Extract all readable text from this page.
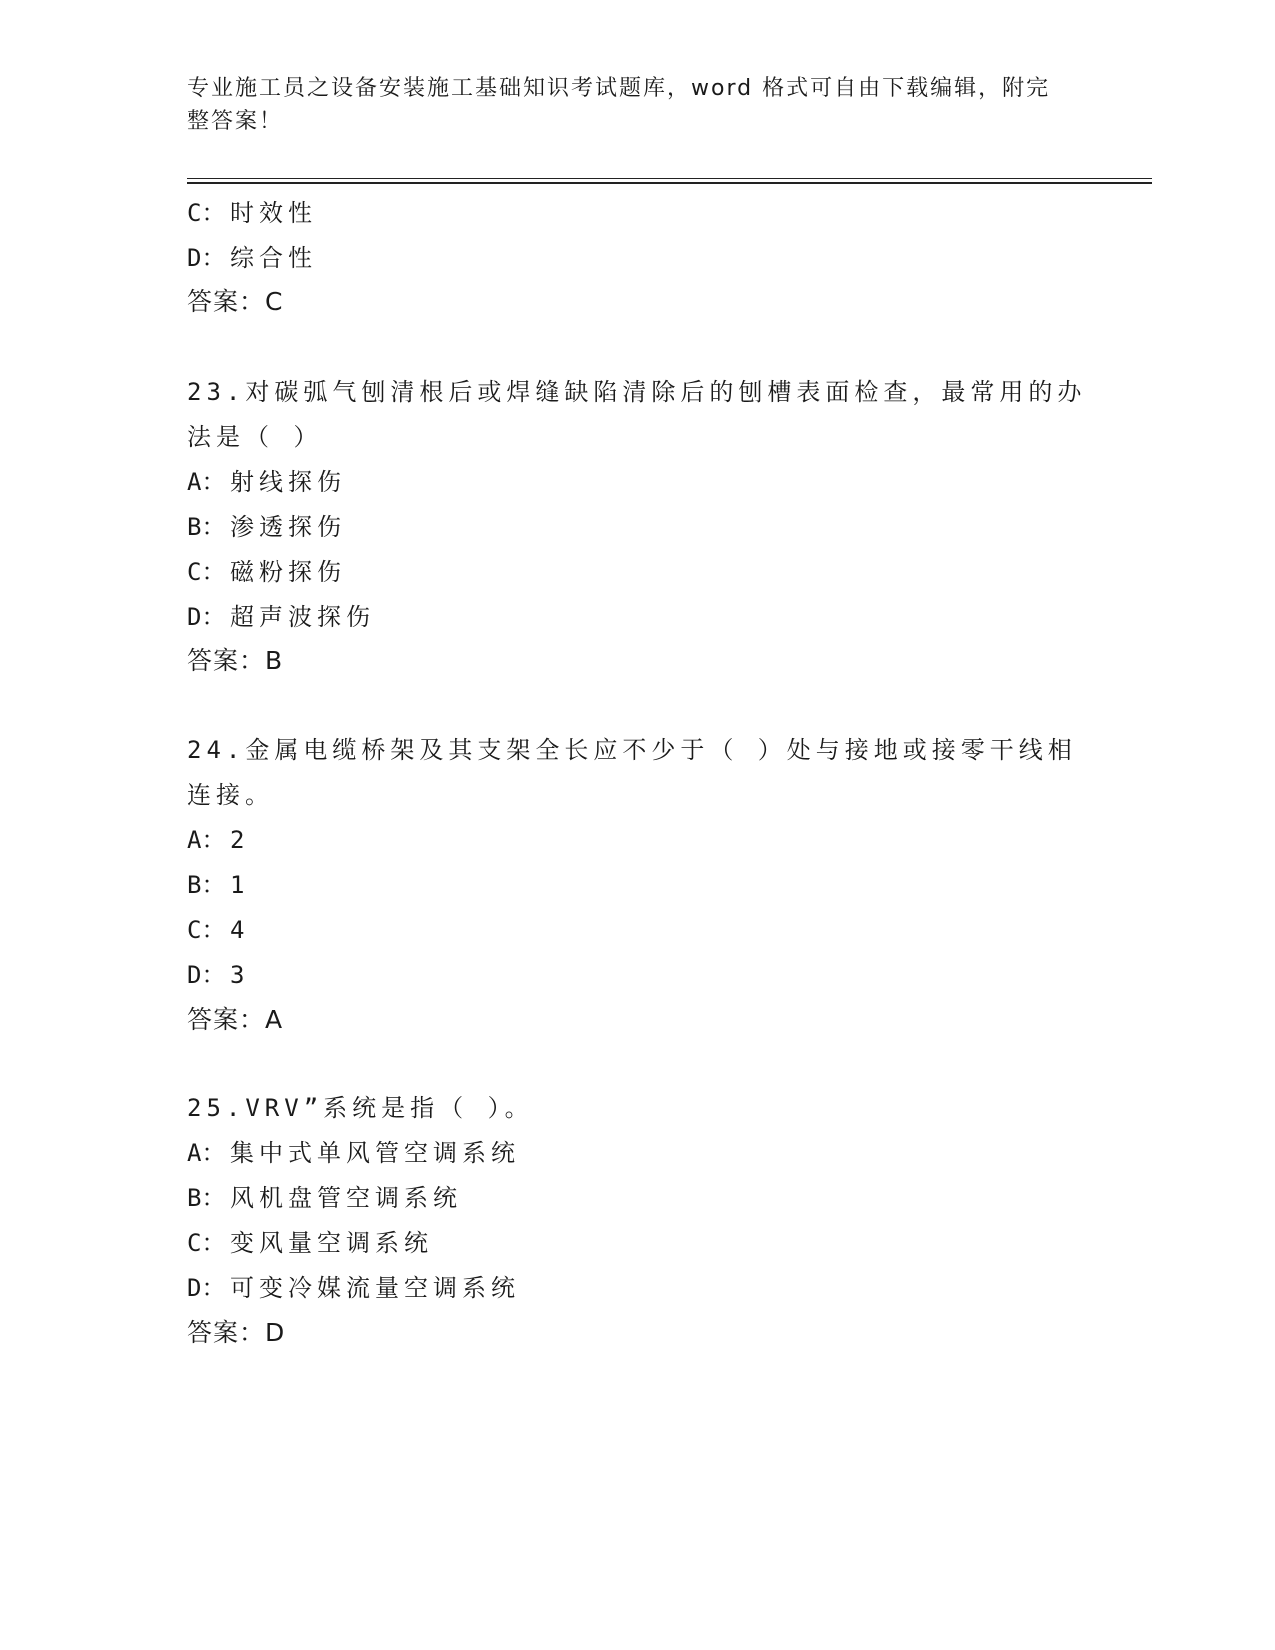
专业施工员之设备安装施工基础知识考试题库，word 格式可自由下载编辑，附完整答案！
C： 时效性
D： 综合性
答案：C
23.对碳弧气刨清根后或焊缝缺陷清除后的刨槽表面检查，最常用的办
法是（ ）
A： 射线探伤
B： 渗透探伤
C： 磁粉探伤
D： 超声波探伤
答案：B
24.金属电缆桥架及其支架全长应不少于（ ）处与接地或接零干线相
连接。
A： 2
B： 1
C： 4
D： 3
答案：A
25.VRV”系统是指（ ）。
A： 集中式单风管空调系统
B： 风机盘管空调系统
C： 变风量空调系统
D： 可变冷媒流量空调系统
答案：D
